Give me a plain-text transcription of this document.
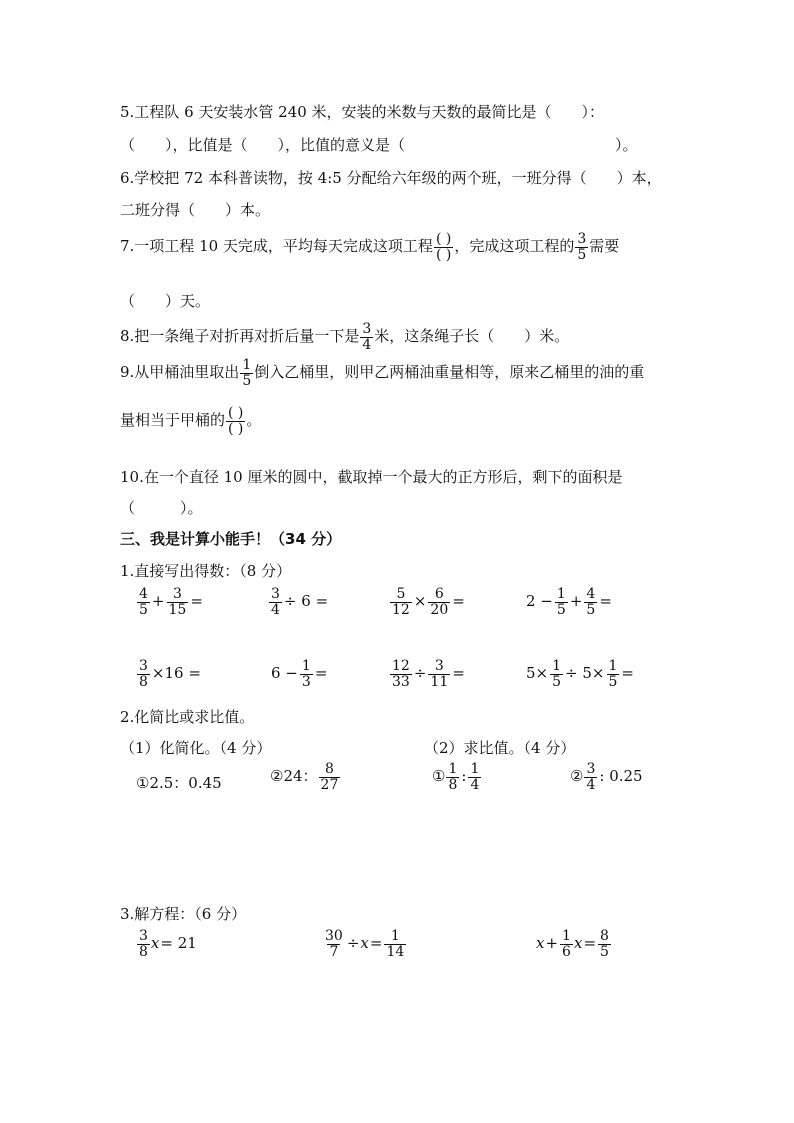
5.工程队 6 天安装水管 240 米，安装的米数与天数的最简比是（　　）：
（　　），比值是（　　），比值的意义是（　　　　　　　　　　　　　　）。
6.学校把 72 本科普读物，按 4:5 分配给六年级的两个班，一班分得（　　）本，
二班分得（　　）本。
7.一项工程 10 天完成，平均每天完成这项工程 ( )
( ) ，完成这项工程的 $\frac{3}{5}$ 需要
（　　）天。
8.把一条绳子对折再对折后量一下是 $\frac{3}{4}$ 米，这条绳子长（　　）米。
9.从甲桶油里取出 $\frac{1}{5}$ 倒入乙桶里，则甲乙两桶油重量相等，原来乙桶里的油的重
量相当于甲桶的 ( )
( ) 。
10.在一个直径 10 厘米的圆中，截取掉一个最大的正方形后，剩下的面积是
（　　　）。
三、我是计算小能手！（34 分）
1.直接写出得数：（8 分）
$\frac{4}{5} + \frac{3}{15}$ =	$\frac{3}{4} \div 6$ =	$\frac{5}{12} \times \frac{6}{20}$ =	$2 - \frac{1}{5} + \frac{4}{5}$ =
$\frac{3}{8} \times 16$ =	$6 - \frac{1}{3}$ =	$\frac{12}{33} \div \frac{3}{11}$ =	$5\times \frac{1}{5} \div 5\times \frac{1}{5}$ =
2.化简比或求比值。
（1）化简化。（4 分）	（2）求比值。（4 分）
①2.5：0.45	②24： $\frac{8}{27}$	① $\frac{1}{8}$ : $\frac{1}{4}$	② $\frac{3}{4}$ : 0.25
3.解方程：（6 分）
$\frac{3}{8} x= 21$	$\frac{30}{7} \div x= \frac{1}{14}$	$x+ \frac{1}{6} x= \frac{8}{5}$
